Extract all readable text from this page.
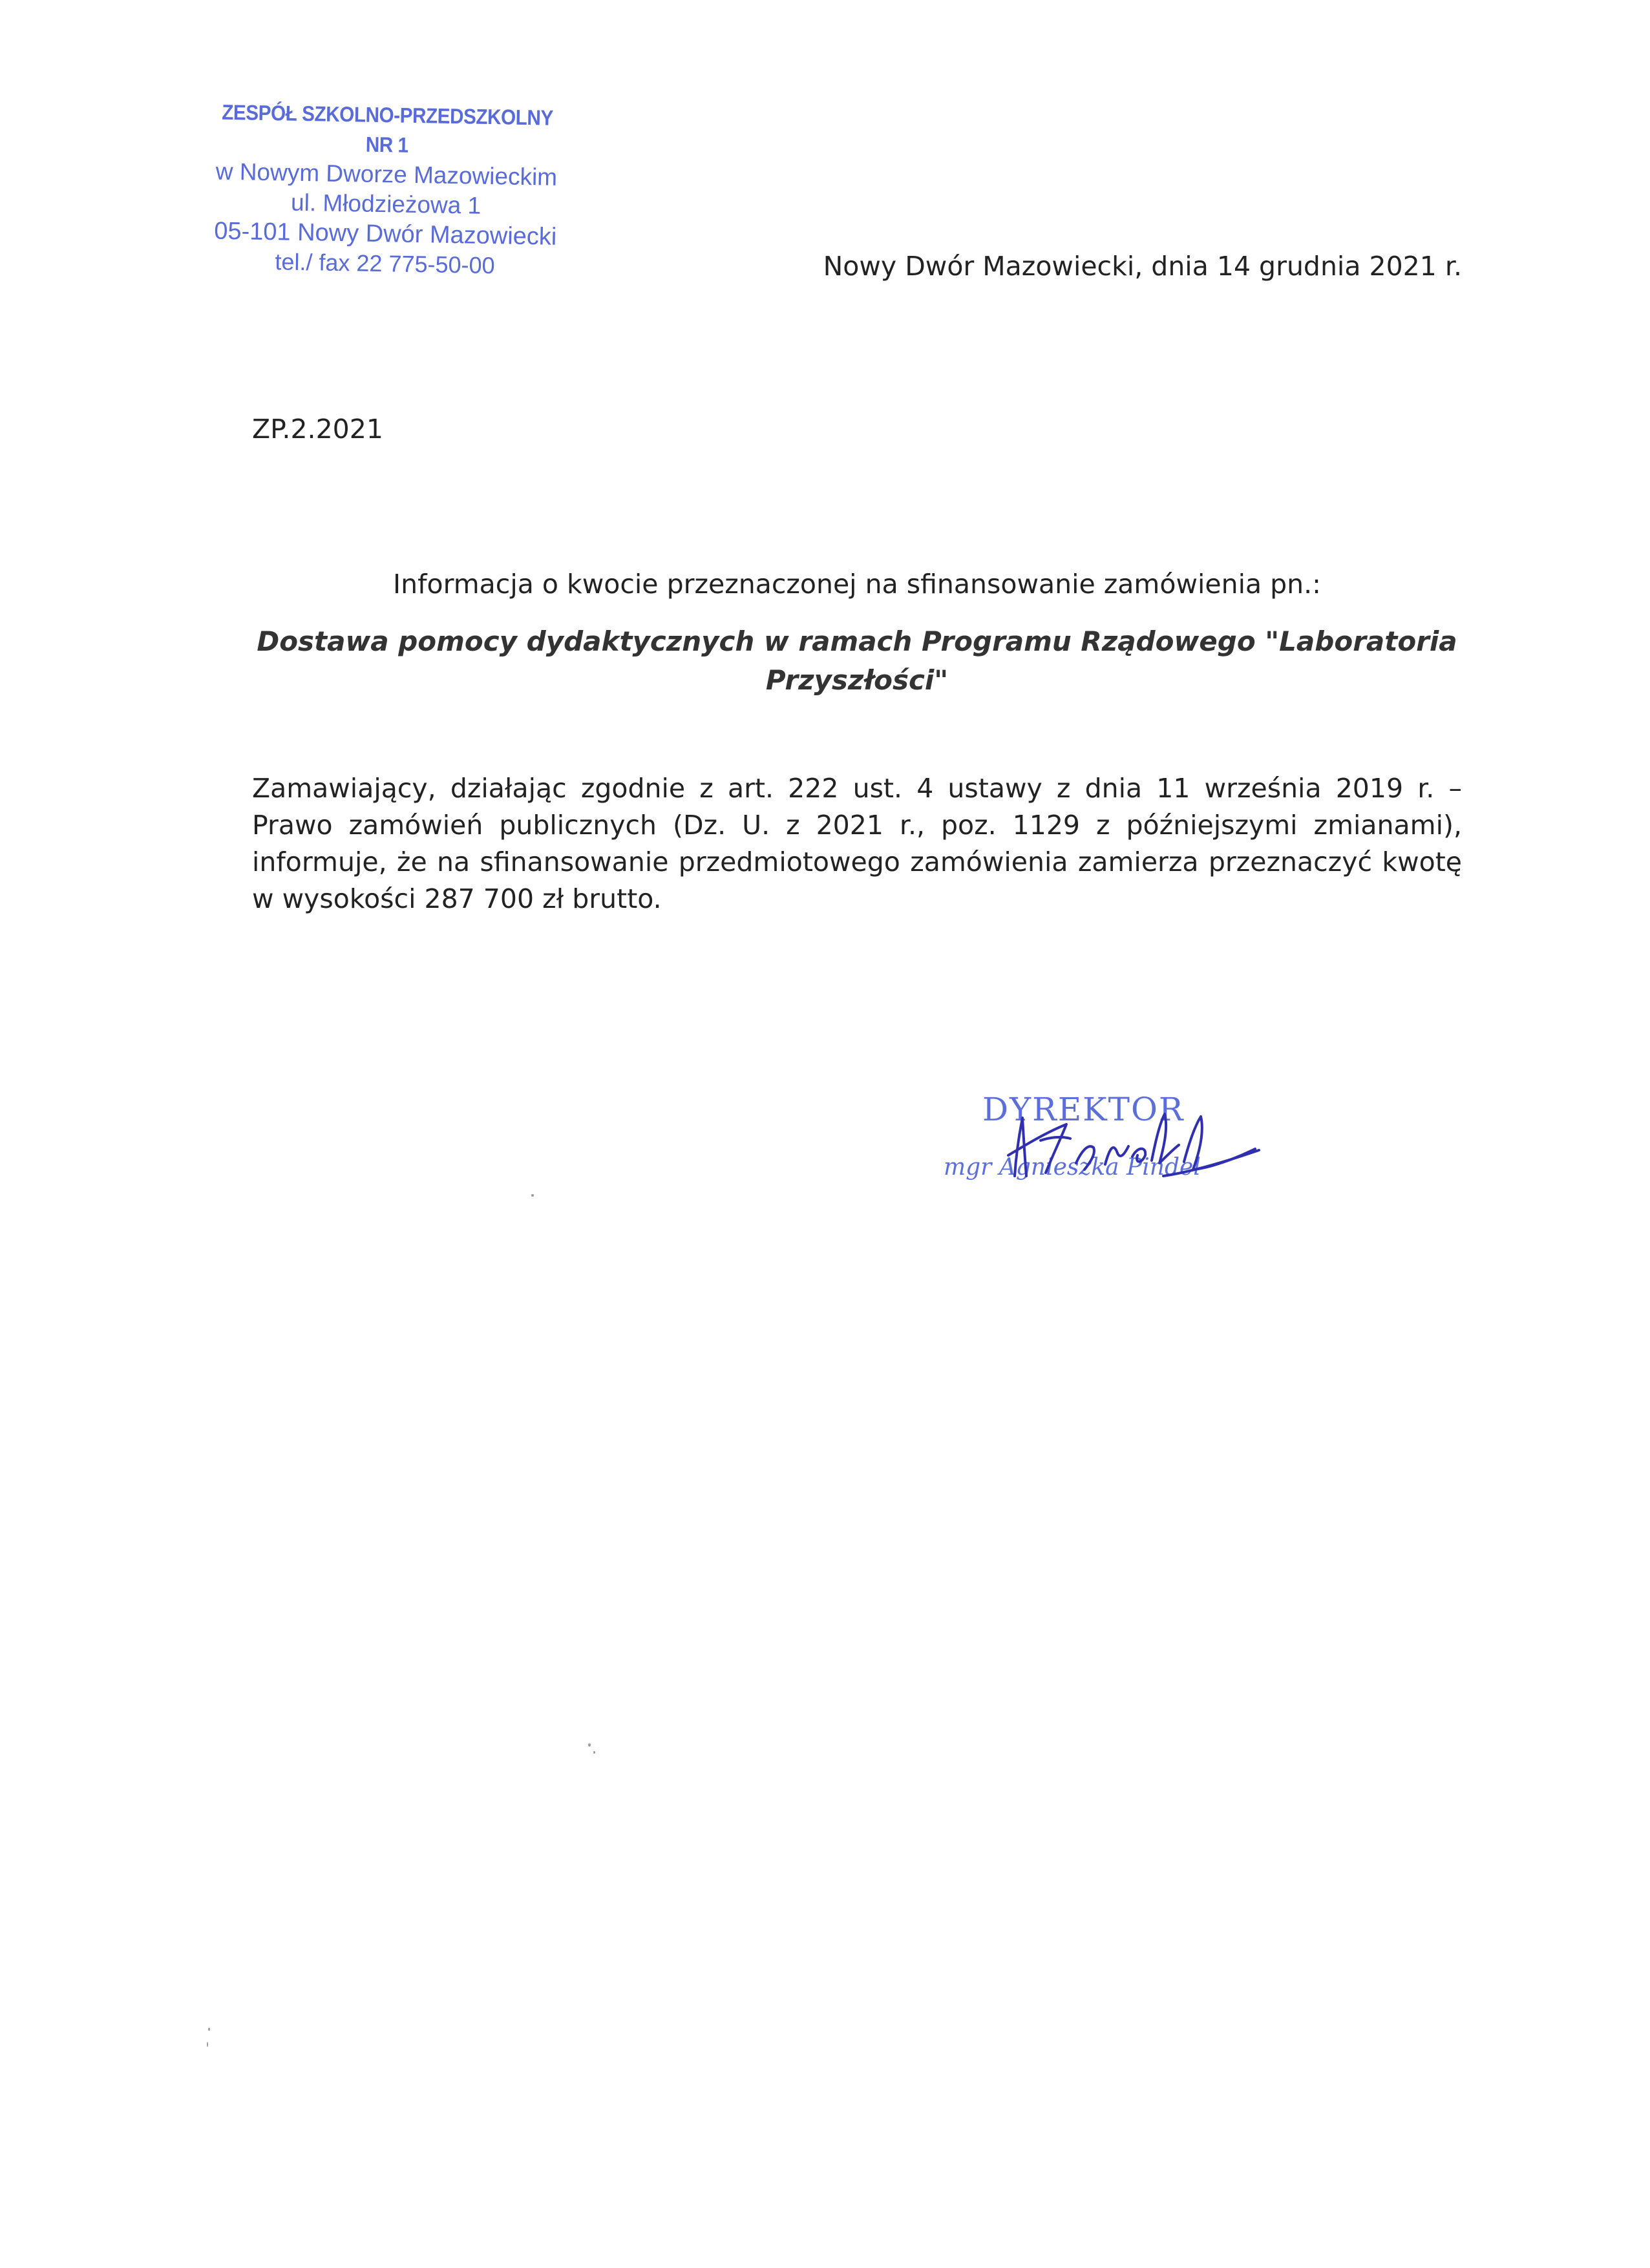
ZESPÓŁ SZKOLNO-PRZEDSZKOLNY NR 1
w Nowym Dworze Mazowieckim
ul. Młodzieżowa 1
05-101 Nowy Dwór Mazowiecki
tel./ fax 22 775-50-00	Nowy Dwór Mazowiecki, dnia 14 grudnia 2021 r.
ZP.2.2021
Informacja o kwocie przeznaczonej na sfinansowanie zamówienia pn.:
Dostawa pomocy dydaktycznych w ramach Programu Rządowego "Laboratoria
Przyszłości"
Zamawiający, działając zgodnie z art. 222 ust. 4 ustawy z dnia 11 września 2019 r. –
Prawo zamówień publicznych (Dz. U. z 2021 r., poz. 1129 z późniejszymi zmianami),
informuje, że na sfinansowanie przedmiotowego zamówienia zamierza przeznaczyć kwotę
w wysokości 287 700 zł brutto.
DYREKTOR
mgr Agnieszka Pindel
